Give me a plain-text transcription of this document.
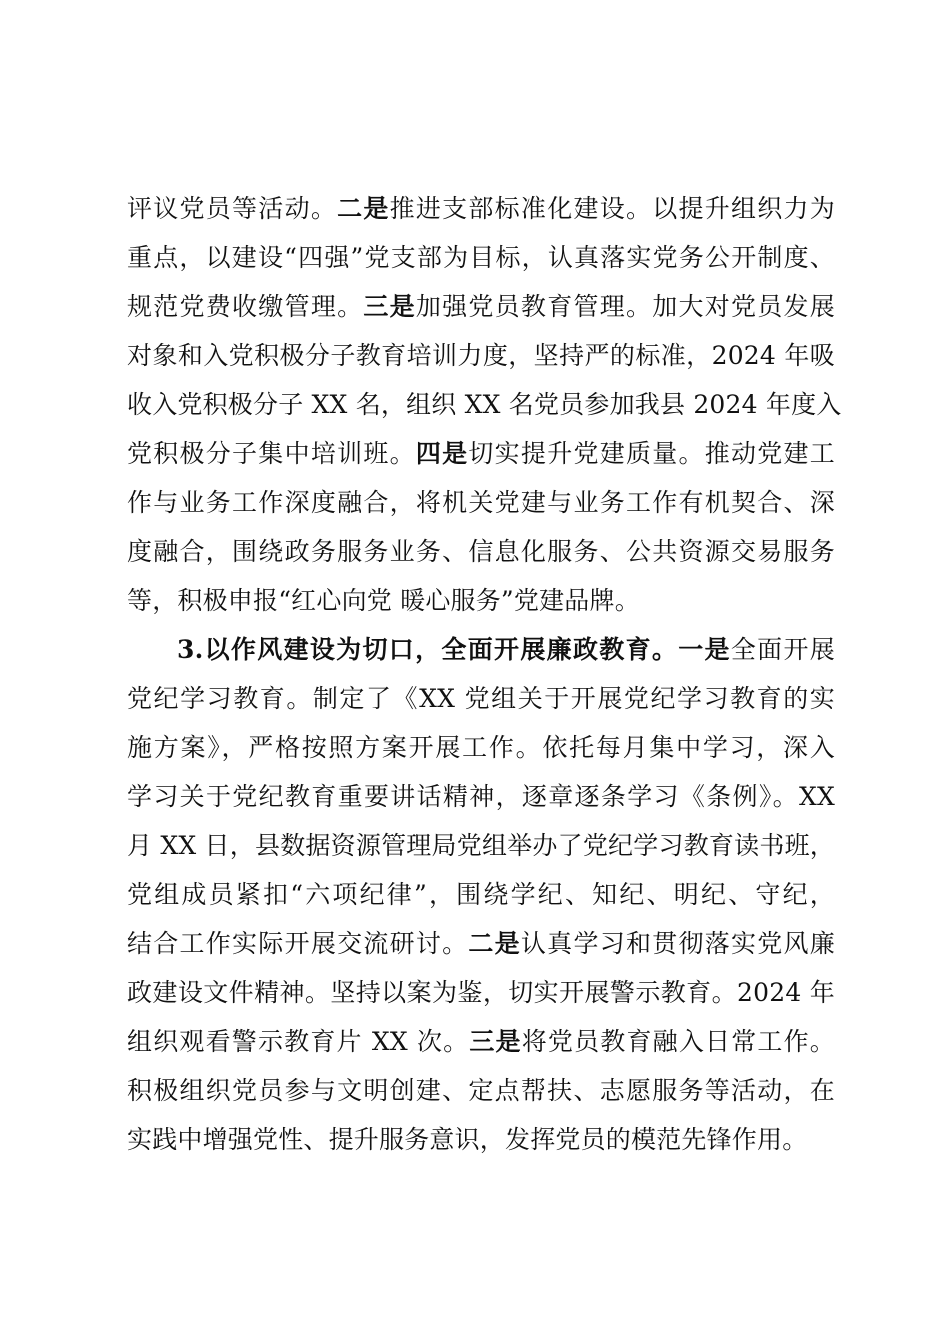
评议党员等活动。二是推进支部标准化建设。以提升组织力为
重点，以建设“四强”党支部为目标，认真落实党务公开制度、
规范党费收缴管理。三是加强党员教育管理。加大对党员发展
对象和入党积极分子教育培训力度，坚持严的标准，2024 年吸
收入党积极分子 XX 名，组织 XX 名党员参加我县 2024 年度入
党积极分子集中培训班。四是切实提升党建质量。推动党建工
作与业务工作深度融合，将机关党建与业务工作有机契合、深
度融合，围绕政务服务业务、信息化服务、公共资源交易服务
等，积极申报“红心向党 暖心服务”党建品牌。
3.以作风建设为切口，全面开展廉政教育。一是全面开展
党纪学习教育。制定了《XX 党组关于开展党纪学习教育的实
施方案》，严格按照方案开展工作。依托每月集中学习，深入
学习关于党纪教育重要讲话精神，逐章逐条学习《条例》。XX
月 XX 日，县数据资源管理局党组举办了党纪学习教育读书班，
党组成员紧扣“六项纪律”，围绕学纪、知纪、明纪、守纪，
结合工作实际开展交流研讨。二是认真学习和贯彻落实党风廉
政建设文件精神。坚持以案为鉴，切实开展警示教育。2024 年
组织观看警示教育片 XX 次。三是将党员教育融入日常工作。
积极组织党员参与文明创建、定点帮扶、志愿服务等活动，在
实践中增强党性、提升服务意识，发挥党员的模范先锋作用。
